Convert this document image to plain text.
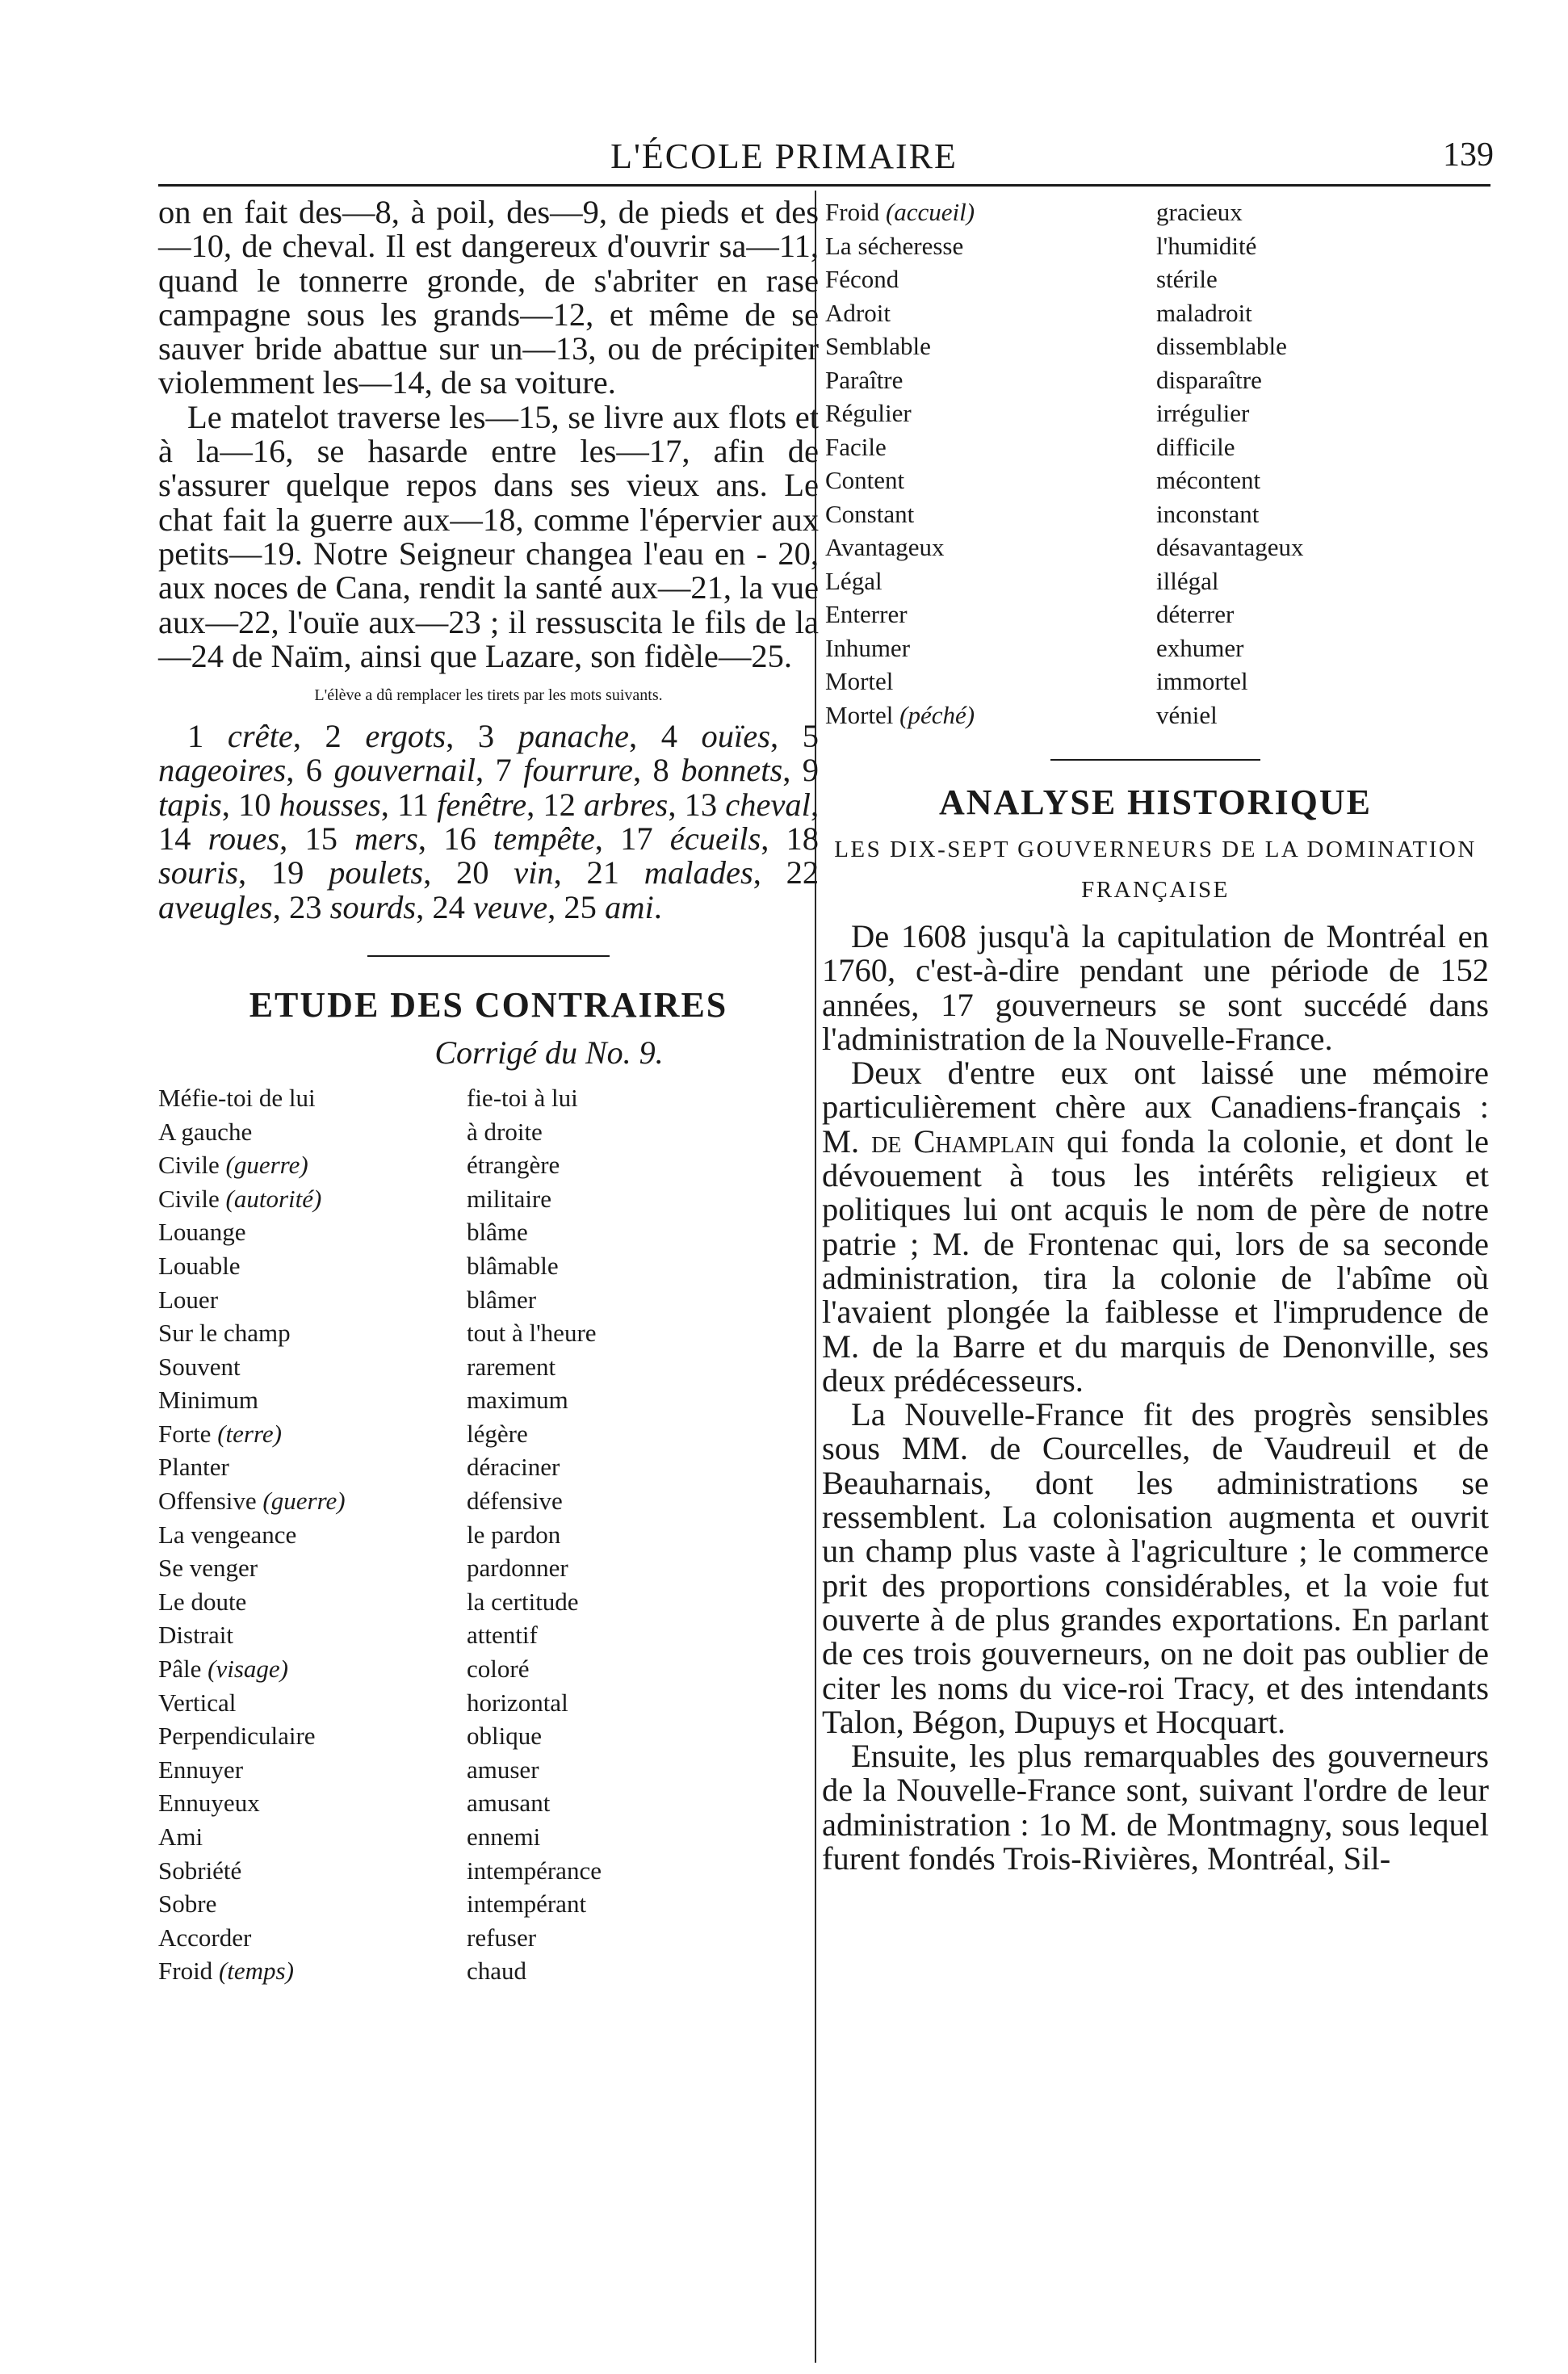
L'ÉCOLE PRIMAIRE	139

on en fait des—8, à poil, des—9, de pieds et des—10, de cheval. Il est dangereux d'ouvrir sa—11, quand le tonnerre gronde, de s'abriter en rase campagne sous les grands—12, et même de se sauver bride abattue sur un—13, ou de précipiter violemment les—14, de sa voiture.

Le matelot traverse les—15, se livre aux flots et à la—16, se hasarde entre les—17, afin de s'assurer quelque repos dans ses vieux ans. Le chat fait la guerre aux—18, comme l'épervier aux petits—19. Notre Seigneur changea l'eau en - 20, aux noces de Cana, rendit la santé aux—21, la vue aux—22, l'ouïe aux—23 ; il ressuscita le fils de la—24 de Naïm, ainsi que Lazare, son fidèle—25.

L'élève a dû remplacer les tirets par les mots suivants.

1 crête, 2 ergots, 3 panache, 4 ouïes, 5 nageoires, 6 gouvernail, 7 fourrure, 8 bonnets, 9 tapis, 10 housses, 11 fenêtre, 12 arbres, 13 cheval, 14 roues, 15 mers, 16 tempête, 17 écueils, 18 souris, 19 poulets, 20 vin, 21 malades, 22 aveugles, 23 sourds, 24 veuve, 25 ami.

ETUDE DES CONTRAIRES
Corrigé du No. 9.
Méfie-toi de lui	fie-toi à lui
A gauche	à droite
Civile (guerre)	étrangère
Civile (autorité)	militaire
Louange	blâme
Louable	blâmable
Louer	blâmer
Sur le champ	tout à l'heure
Souvent	rarement
Minimum	maximum
Forte (terre)	légère
Planter	déraciner
Offensive (guerre)	défensive
La vengeance	le pardon
Se venger	pardonner
Le doute	la certitude
Distrait	attentif
Pâle (visage)	coloré
Vertical	horizontal
Perpendiculaire	oblique
Ennuyer	amuser
Ennuyeux	amusant
Ami	ennemi
Sobriété	intempérance
Sobre	intempérant
Accorder	refuser
Froid (temps)	chaud
Froid (accueil)	gracieux
La sécheresse	l'humidité
Fécond	stérile
Adroit	maladroit
Semblable	dissemblable
Paraître	disparaître
Régulier	irrégulier
Facile	difficile
Content	mécontent
Constant	inconstant
Avantageux	désavantageux
Légal	illégal
Enterrer	déterrer
Inhumer	exhumer
Mortel	immortel
Mortel (péché)	véniel
ANALYSE HISTORIQUE
LES DIX-SEPT GOUVERNEURS DE LA DOMINATION FRANÇAISE

De 1608 jusqu'à la capitulation de Montréal en 1760, c'est-à-dire pendant une période de 152 années, 17 gouverneurs se sont succédé dans l'administration de la Nouvelle-France.

Deux d'entre eux ont laissé une mémoire particulièrement chère aux Canadiens-français : M. de Champlain qui fonda la colonie, et dont le dévouement à tous les intérêts religieux et politiques lui ont acquis le nom de père de notre patrie ; M. de Frontenac qui, lors de sa seconde administration, tira la colonie de l'abîme où l'avaient plongée la faiblesse et l'imprudence de M. de la Barre et du marquis de Denonville, ses deux prédécesseurs.

La Nouvelle-France fit des progrès sensibles sous MM. de Courcelles, de Vaudreuil et de Beauharnais, dont les administrations se ressemblent. La colonisation augmenta et ouvrit un champ plus vaste à l'agriculture ; le commerce prit des proportions considérables, et la voie fut ouverte à de plus grandes exportations. En parlant de ces trois gouverneurs, on ne doit pas oublier de citer les noms du vice-roi Tracy, et des intendants Talon, Bégon, Dupuys et Hocquart.

Ensuite, les plus remarquables des gouverneurs de la Nouvelle-France sont, suivant l'ordre de leur administration : 1o M. de Montmagny, sous lequel furent fondés Trois-Rivières, Montréal, Sil-
